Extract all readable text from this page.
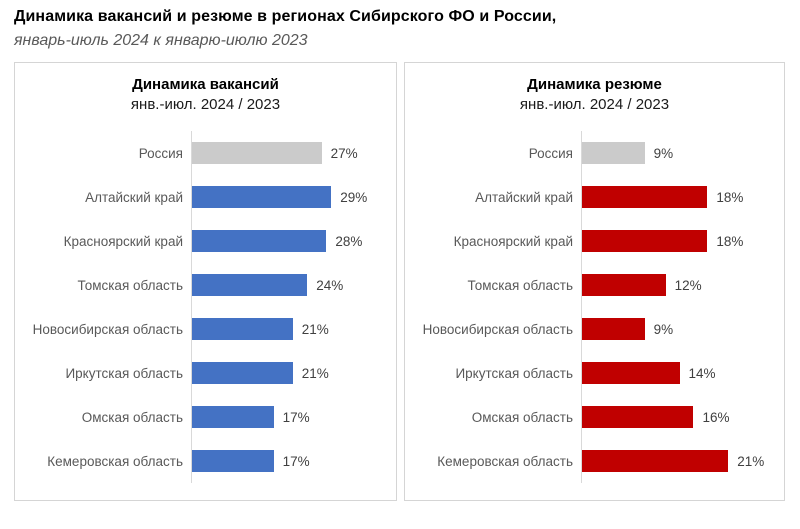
Динамика вакансий и резюме в регионах Сибирского ФО и России,
январь-июль 2024 к январю-июлю 2023
Динамика вакансий
янв.-июл. 2024 / 2023
Россия	27%
Алтайский край	29%
Красноярский край	28%
Томская область	24%
Новосибирская область	21%
Иркутская область	21%
Омская область	17%
Кемеровская область	17%
Динамика резюме
янв.-июл. 2024 / 2023
Россия	9%
Алтайский край	18%
Красноярский край	18%
Томская область	12%
Новосибирская область	9%
Иркутская область	14%
Омская область	16%
Кемеровская область	21%
